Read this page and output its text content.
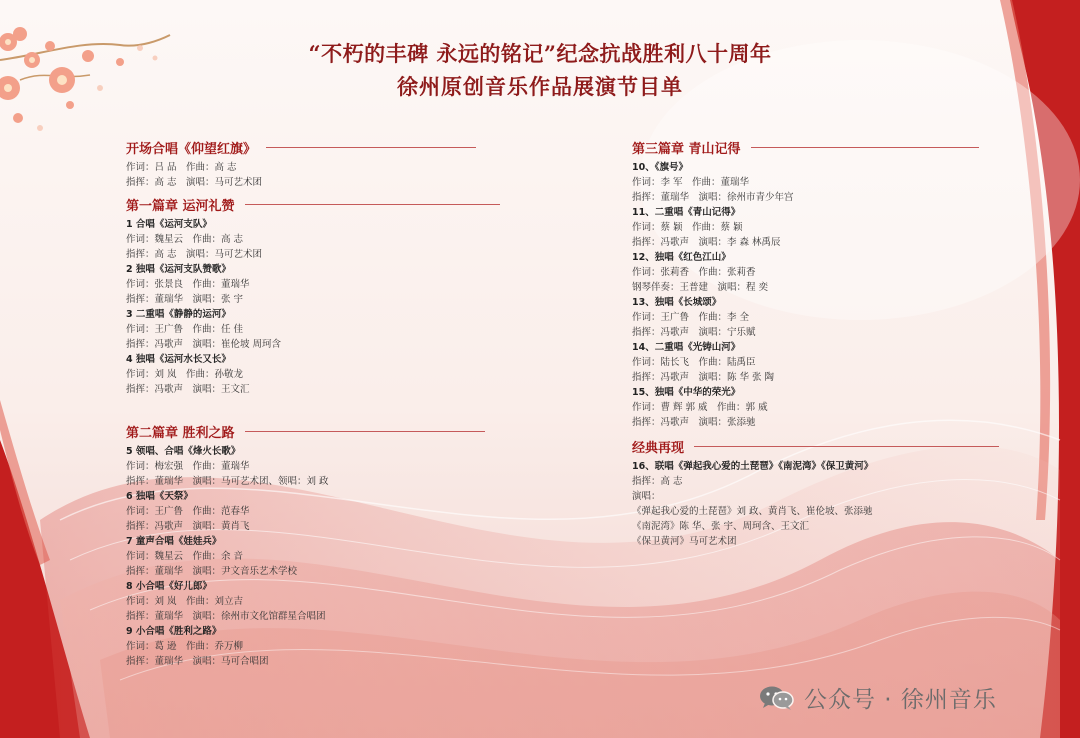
“不朽的丰碑 永远的铭记”纪念抗战胜利八十周年
徐州原创音乐作品展演节目单
开场合唱《仰望红旗》
作词：吕 品　作曲：高 志
指挥：高 志　演唱：马可艺术团
第一篇章 运河礼赞
1 合唱《运河支队》
作词：魏星云　作曲：高 志
指挥：高 志　演唱：马可艺术团
2 独唱《运河支队赞歌》
作词：张景良　作曲：董瑞华
指挥：董瑞华　演唱：张 宇
3 二重唱《静静的运河》
作词：王广鲁　作曲：任 佳
指挥：冯歌声　演唱：崔伦坡 周珂含
4 独唱《运河水长又长》
作词：刘 岚　作曲：孙敬龙
指挥：冯歌声　演唱：王文汇
第二篇章 胜利之路
5 领唱、合唱《烽火长歌》
作词：梅宏强　作曲：董瑞华
指挥：董瑞华　演唱：马可艺术团、领唱：刘 政
6 独唱《天祭》
作词：王广鲁　作曲：范春华
指挥：冯歌声　演唱：黄肖飞
7 童声合唱《娃娃兵》
作词：魏星云　作曲：余 音
指挥：董瑞华　演唱：尹文音乐艺术学校
8 小合唱《好儿郎》
作词：刘 岚　作曲：刘立吉
指挥：董瑞华　演唱：徐州市文化馆群星合唱团
9 小合唱《胜利之路》
作词：葛 逊　作曲：乔万柳
指挥：董瑞华　演唱：马可合唱团
第三篇章 青山记得
10、《旗号》
作词：李 军　作曲：董瑞华
指挥：董瑞华　演唱：徐州市青少年宫
11、二重唱《青山记得》
作词：蔡 颖　作曲：蔡 颖
指挥：冯歌声　演唱：李 森 林禹辰
12、独唱《红色江山》
作词：张莉香　作曲：张莉香
钢琴伴奏：王普建　演唱：程 奕
13、独唱《长城颂》
作词：王广鲁　作曲：李 全
指挥：冯歌声　演唱：宁乐赋
14、二重唱《光铸山河》
作词：陆长飞　作曲：陆禹臣
指挥：冯歌声　演唱：陈 华 张 陶
15、独唱《中华的荣光》
作词：曹 辉 郭 威　作曲：郭 威
指挥：冯歌声　演唱：张添驰
经典再现
16、联唱《弹起我心爱的土琵琶》《南泥湾》《保卫黄河》
指挥：高 志
演唱：
《弹起我心爱的土琵琶》刘 政、黄肖飞、崔伦坡、张添驰
《南泥湾》陈 华、张 宇、周珂含、王文汇
《保卫黄河》马可艺术团
公众号 · 徐州音乐
